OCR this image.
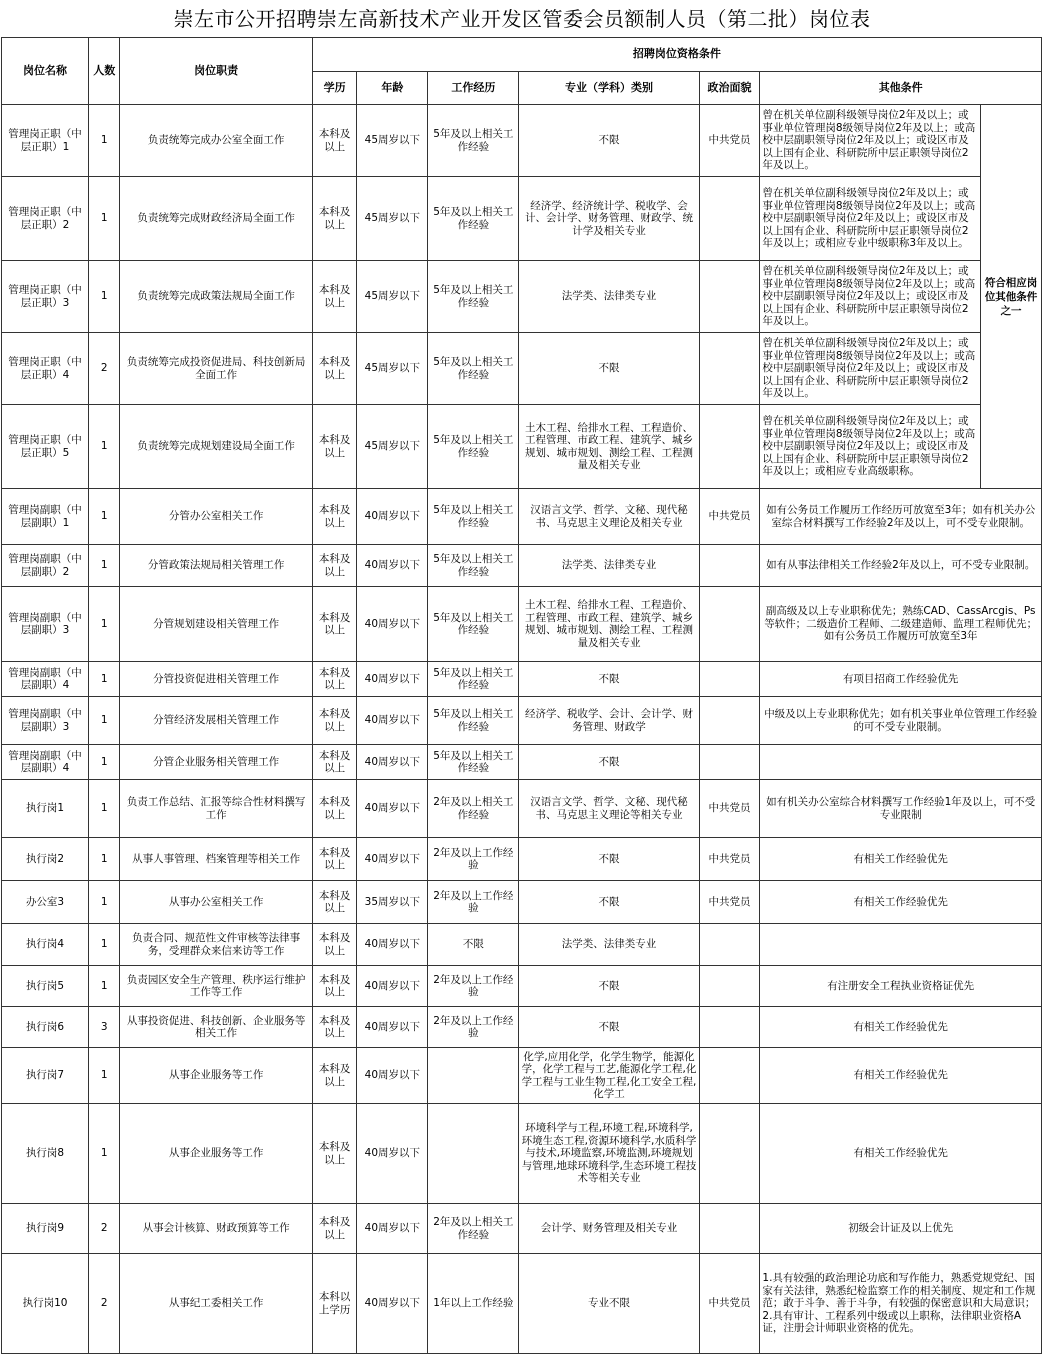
崇左市公开招聘崇左高新技术产业开发区管委会员额制人员（第二批）岗位表
岗位名称	人数	岗位职责	招聘岗位资格条件						
			学历	年龄	工作经历	专业（学科）类别	政治面貌	其他条件	
管理岗正职（中层正职）1	1	负责统筹完成办公室全面工作	本科及以上	45周岁以下	5年及以上相关工作经验	不限	中共党员	曾在机关单位副科级领导岗位2年及以上；或事业单位管理岗8级领导岗位2年及以上；或高校中层副职领导岗位2年及以上；或设区市及以上国有企业、科研院所中层正职领导岗位2年及以上。	符合相应岗位其他条件之一
管理岗正职（中层正职）2	1	负责统筹完成财政经济局全面工作	本科及以上	45周岁以下	5年及以上相关工作经验	经济学、经济统计学、税收学、会计、会计学、财务管理、财政学、统计学及相关专业		曾在机关单位副科级领导岗位2年及以上；或事业单位管理岗8级领导岗位2年及以上；或高校中层副职领导岗位2年及以上；或设区市及以上国有企业、科研院所中层正职领导岗位2年及以上；或相应专业中级职称3年及以上。	
管理岗正职（中层正职）3	1	负责统筹完成政策法规局全面工作	本科及以上	45周岁以下	5年及以上相关工作经验	法学类、法律类专业		曾在机关单位副科级领导岗位2年及以上；或事业单位管理岗8级领导岗位2年及以上；或高校中层副职领导岗位2年及以上；或设区市及以上国有企业、科研院所中层正职领导岗位2年及以上。	
管理岗正职（中层正职）4	2	负责统筹完成投资促进局、科技创新局全面工作	本科及以上	45周岁以下	5年及以上相关工作经验	不限		曾在机关单位副科级领导岗位2年及以上；或事业单位管理岗8级领导岗位2年及以上；或高校中层副职领导岗位2年及以上；或设区市及以上国有企业、科研院所中层正职领导岗位2年及以上。	
管理岗正职（中层正职）5	1	负责统筹完成规划建设局全面工作	本科及以上	45周岁以下	5年及以上相关工作经验	土木工程、给排水工程、工程造价、工程管理、市政工程、建筑学、城乡规划、城市规划、测绘工程、工程测量及相关专业		曾在机关单位副科级领导岗位2年及以上；或事业单位管理岗8级领导岗位2年及以上；或高校中层副职领导岗位2年及以上；或设区市及以上国有企业、科研院所中层正职领导岗位2年及以上；或相应专业高级职称。	
管理岗副职（中层副职）1	1	分管办公室相关工作	本科及以上	40周岁以下	5年及以上相关工作经验	汉语言文学、哲学、文秘、现代秘书、马克思主义理论及相关专业	中共党员	如有公务员工作履历工作经历可放宽至3年；如有机关办公室综合材料撰写工作经验2年及以上，可不受专业限制。	
管理岗副职（中层副职）2	1	分管政策法规局相关管理工作	本科及以上	40周岁以下	5年及以上相关工作经验	法学类、法律类专业		如有从事法律相关工作经验2年及以上，可不受专业限制。	
管理岗副职（中层副职）3	1	分管规划建设相关管理工作	本科及以上	40周岁以下	5年及以上相关工作经验	土木工程、给排水工程、工程造价、工程管理、市政工程、建筑学、城乡规划、城市规划、测绘工程、工程测量及相关专业		副高级及以上专业职称优先；熟练CAD、CassArcgis、Ps等软件；二级造价工程师、二级建造师、监理工程师优先；如有公务员工作履历可放宽至3年	
管理岗副职（中层副职）4	1	分管投资促进相关管理工作	本科及以上	40周岁以下	5年及以上相关工作经验	不限		有项目招商工作经验优先	
管理岗副职（中层副职）3	1	分管经济发展相关管理工作	本科及以上	40周岁以下	5年及以上相关工作经验	经济学、税收学、会计、会计学、财务管理、财政学		中级及以上专业职称优先；如有机关事业单位管理工作经验的可不受专业限制。	
管理岗副职（中层副职）4	1	分管企业服务相关管理工作	本科及以上	40周岁以下	5年及以上相关工作经验	不限			
执行岗1	1	负责工作总结、汇报等综合性材料撰写工作	本科及以上	40周岁以下	2年及以上相关工作经验	汉语言文学、哲学、文秘、现代秘书、马克思主义理论等相关专业	中共党员	如有机关办公室综合材料撰写工作经验1年及以上，可不受专业限制	
执行岗2	1	从事人事管理、档案管理等相关工作	本科及以上	40周岁以下	2年及以上工作经验	不限	中共党员	有相关工作经验优先	
办公室3	1	从事办公室相关工作	本科及以上	35周岁以下	2年及以上工作经验	不限	中共党员	有相关工作经验优先	
执行岗4	1	负责合同、规范性文件审核等法律事务，受理群众来信来访等工作	本科及以上	40周岁以下	不限	法学类、法律类专业			
执行岗5	1	负责园区安全生产管理、秩序运行维护工作等工作	本科及以上	40周岁以下	2年及以上工作经验	不限		有注册安全工程执业资格证优先	
执行岗6	3	从事投资促进、科技创新、企业服务等相关工作	本科及以上	40周岁以下	2年及以上工作经验	不限		有相关工作经验优先	
执行岗7	1	从事企业服务等工作	本科及以上	40周岁以下		化学,应用化学，化学生物学，能源化学，化学工程与工艺,能源化学工程,化学工程与工业生物工程,化工安全工程,化学工		有相关工作经验优先	
执行岗8	1	从事企业服务等工作	本科及以上	40周岁以下		环境科学与工程,环境工程,环境科学,环境生态工程,资源环境科学,水质科学与技术,环境监察,环境监测,环境规划与管理,地球环境科学,生态环境工程技术等相关专业		有相关工作经验优先	
执行岗9	2	从事会计核算、财政预算等工作	本科及以上	40周岁以下	2年及以上相关工作经验	会计学、财务管理及相关专业		初级会计证及以上优先	
执行岗10	2	从事纪工委相关工作	本科以上学历	40周岁以下	1年以上工作经验	专业不限	中共党员	1.具有较强的政治理论功底和写作能力，熟悉党规党纪、国家有关法律，熟悉纪检监察工作的相关制度、规定和工作规范；敢于斗争、善于斗争，有较强的保密意识和大局意识；
2.具有审计、工程系列中级或以上职称，法律职业资格A证，注册会计师职业资格的优先。	
